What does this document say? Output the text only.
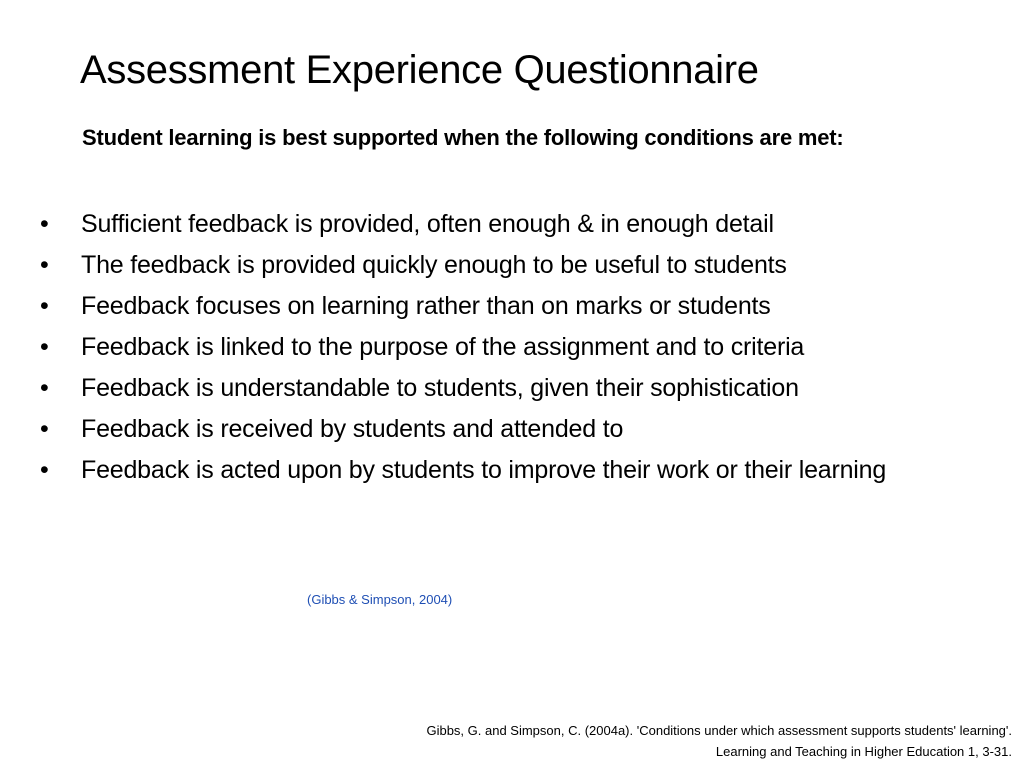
Assessment Experience Questionnaire

Student learning is best supported when the following conditions are met:

•	Sufficient feedback is provided, often enough & in enough detail
•	The feedback is provided quickly enough to be useful to students
•	Feedback focuses on learning rather than on marks or students
•	Feedback is linked to the purpose of the assignment and to criteria
•	Feedback is understandable to students, given their sophistication
•	Feedback is received by students and attended to
•	Feedback is acted upon by students to improve their work or their learning
(Gibbs & Simpson, 2004)
Gibbs, G. and Simpson, C. (2004a). 'Conditions under which assessment supports students' learning'.
Learning and Teaching in Higher Education 1, 3-31.
